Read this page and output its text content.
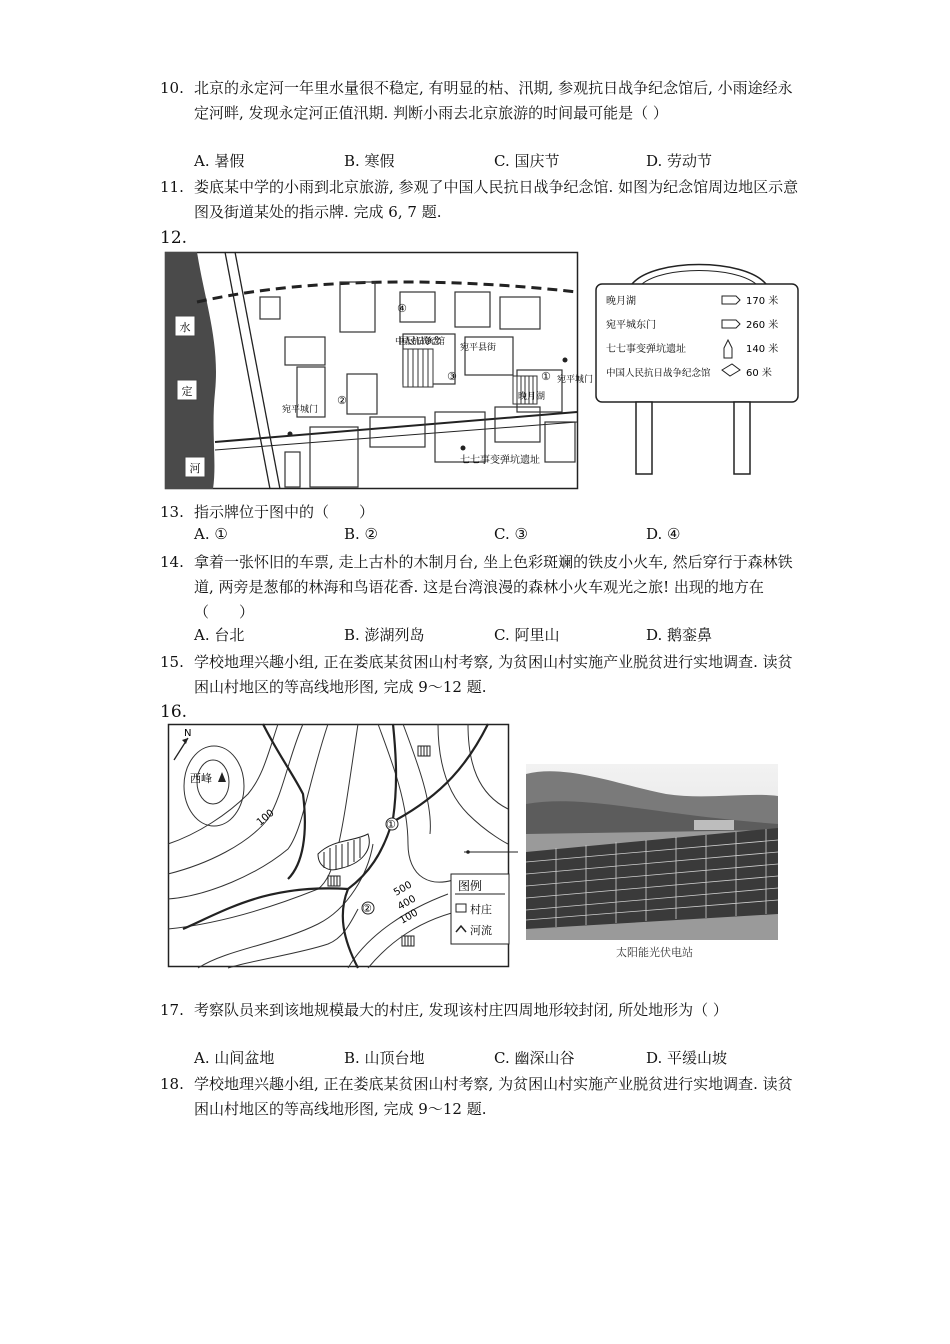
10. 北京的永定河一年里水量很不稳定, 有明显的枯、汛期, 参观抗日战争纪念馆后, 小雨途经永定河畔, 发现永定河正值汛期. 判断小雨去北京旅游的时间最可能是（ ）
A. 暑假	B. 寒假	C. 国庆节	D. 劳动节
11. 娄底某中学的小雨到北京旅游, 参观了中国人民抗日战争纪念馆. 如图为纪念馆周边地区示意图及街道某处的指示牌. 完成 6, 7 题.
12.
水
定
河
中国人民抗日战争纪念馆
宛平县街
宛平城门
宛平城门
晚月湖
七七事变弹坑遗址
①
②
③
④
晚月湖	170 米
宛平城东门	260 米
七七事变弹坑遗址	140 米
中国人民抗日战争纪念馆	60 米
13. 指示牌位于图中的（　　）
A. ①	B. ②	C. ③	D. ④
14. 拿着一张怀旧的车票, 走上古朴的木制月台, 坐上色彩斑斓的铁皮小火车, 然后穿行于森林铁道, 两旁是葱郁的林海和鸟语花香. 这是台湾浪漫的森林小火车观光之旅! 出现的地方在（　　）
A. 台北	B. 澎湖列岛	C. 阿里山	D. 鹅銮鼻
15. 学校地理兴趣小组, 正在娄底某贫困山村考察, 为贫困山村实施产业脱贫进行实地调查. 读贫困山村地区的等高线地形图, 完成 9～12 题.
16.
N
西峰
100
500
400
100
①
②
图例
村庄
河流
太阳能光伏电站
17. 考察队员来到该地规模最大的村庄, 发现该村庄四周地形较封闭, 所处地形为（ ）
A. 山间盆地	B. 山顶台地	C. 幽深山谷	D. 平缓山坡
18. 学校地理兴趣小组, 正在娄底某贫困山村考察, 为贫困山村实施产业脱贫进行实地调查. 读贫困山村地区的等高线地形图, 完成 9～12 题.
